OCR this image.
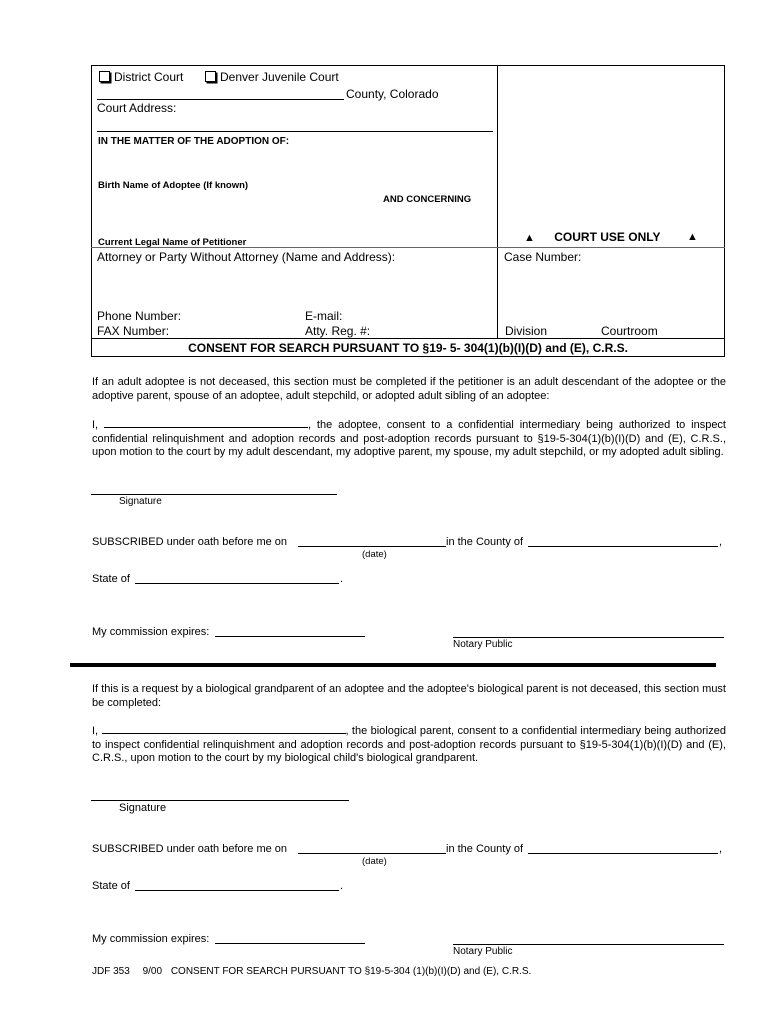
District Court	Denver Juvenile Court
County, Colorado
Court Address:
IN THE MATTER OF THE ADOPTION OF:
Birth Name of Adoptee (If known)
AND CONCERNING
Current Legal Name of Petitioner	▲ COURT USE ONLY ▲
Attorney or Party Without Attorney (Name and Address):	Case Number:
Phone Number:	E-mail:
FAX Number:	Atty. Reg. #:	Division	Courtroom
CONSENT FOR SEARCH PURSUANT TO §19- 5- 304(1)(b)(I)(D) and (E), C.R.S.
If an adult adoptee is not deceased, this section must be completed if the petitioner is an adult descendant of the adoptee or the adoptive parent, spouse of an adoptee, adult stepchild, or adopted adult sibling of an adoptee:
I,	, the adoptee, consent to a confidential intermediary being authorized to inspect confidential relinquishment and adoption records and post-adoption records pursuant to §19-5-304(1)(b)(I)(D) and (E), C.R.S., upon motion to the court by my adult descendant, my adoptive parent, my spouse, my adult stepchild, or my adopted adult sibling.
Signature
SUBSCRIBED under oath before me on	in the County of	,
(date)
State of	.
My commission expires:
Notary Public
If this is a request by a biological grandparent of an adoptee and the adoptee's biological parent is not deceased, this section must be completed:
I,	, the biological parent, consent to a confidential intermediary being authorized to inspect confidential relinquishment and adoption records and post-adoption records pursuant to §19-5-304(1)(b)(I)(D) and (E), C.R.S., upon motion to the court by my biological child's biological grandparent.
Signature
SUBSCRIBED under oath before me on	in the County of	,
(date)
State of	.
My commission expires:
Notary Public
JDF 353 9/00 CONSENT FOR SEARCH PURSUANT TO §19-5-304 (1)(b)(I)(D) and (E), C.R.S.
